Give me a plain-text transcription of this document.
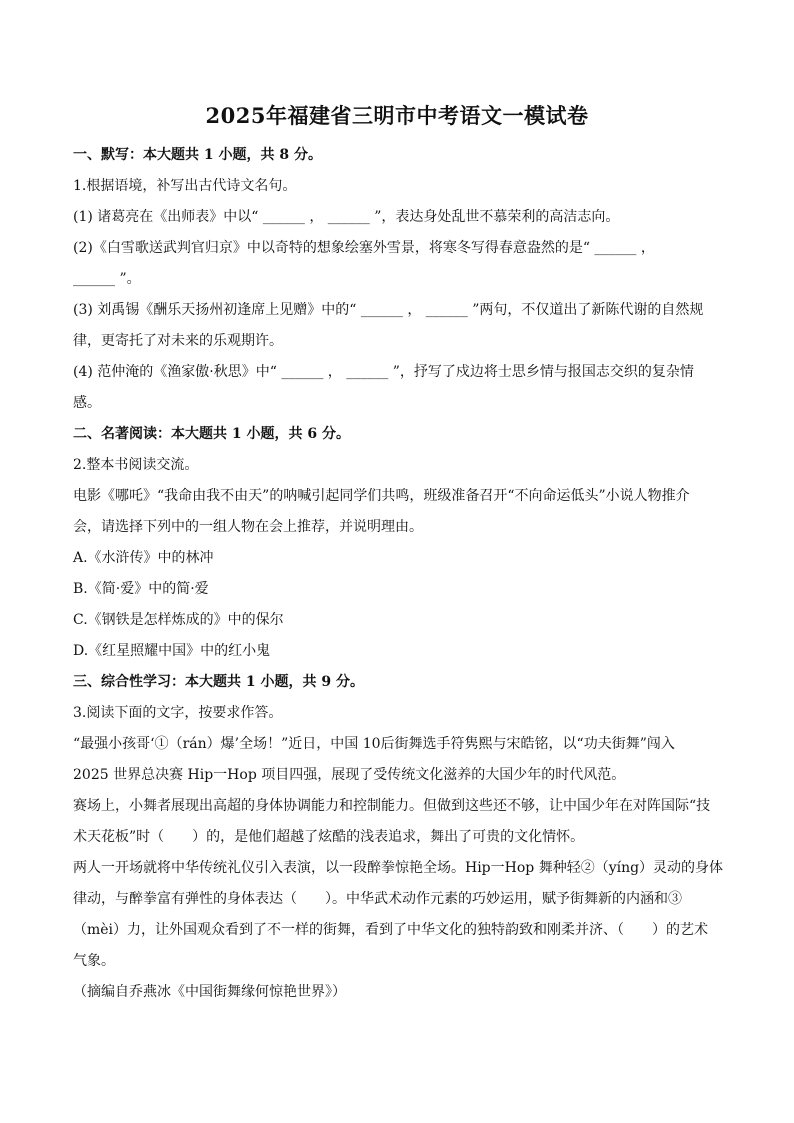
2025年福建省三明市中考语文一模试卷
一、默写：本大题共 1 小题，共 8 分。
1.根据语境，补写出古代诗文名句。
(1) 诸葛亮在《出师表》中以“ ______ ， ______ ”，表达身处乱世不慕荣利的高洁志向。
(2)《白雪歌送武判官归京》中以奇特的想象绘塞外雪景，将寒冬写得春意盎然的是“ ______ ，
______ ”。
(3) 刘禹锡《酬乐天扬州初逢席上见赠》中的“ ______ ， ______ ”两句，不仅道出了新陈代谢的自然规
律，更寄托了对未来的乐观期许。
(4) 范仲淹的《渔家傲·秋思》中“ ______ ， ______ ”，抒写了戍边将士思乡情与报国志交织的复杂情
感。
二、名著阅读：本大题共 1 小题，共 6 分。
2.整本书阅读交流。
电影《哪吒》“我命由我不由天”的呐喊引起同学们共鸣，班级准备召开“不向命运低头”小说人物推介
会，请选择下列中的一组人物在会上推荐，并说明理由。
A.《水浒传》中的林冲
B.《简·爱》中的简·爱
C.《钢铁是怎样炼成的》中的保尔
D.《红星照耀中国》中的红小鬼
三、综合性学习：本大题共 1 小题，共 9 分。
3.阅读下面的文字，按要求作答。
“最强小孩哥‘①（rán）爆’全场！”近日，中国 10后街舞选手符隽熙与宋皓铭，以“功夫街舞”闯入
2025 世界总决赛 Hip一Hop 项目四强，展现了受传统文化滋养的大国少年的时代风范。
赛场上，小舞者展现出高超的身体协调能力和控制能力。但做到这些还不够，让中国少年在对阵国际“技
术天花板”时（　　）的，是他们超越了炫酷的浅表追求，舞出了可贵的文化情怀。
两人一开场就将中华传统礼仪引入表演，以一段醉拳惊艳全场。Hip一Hop 舞种轻②（yíng）灵动的身体
律动，与醉拳富有弹性的身体表达（　　）。中华武术动作元素的巧妙运用，赋予街舞新的内涵和③
（mèi）力，让外国观众看到了不一样的街舞，看到了中华文化的独特韵致和刚柔并济、（　　）的艺术
气象。
（摘编自乔燕冰《中国街舞缘何惊艳世界》）
